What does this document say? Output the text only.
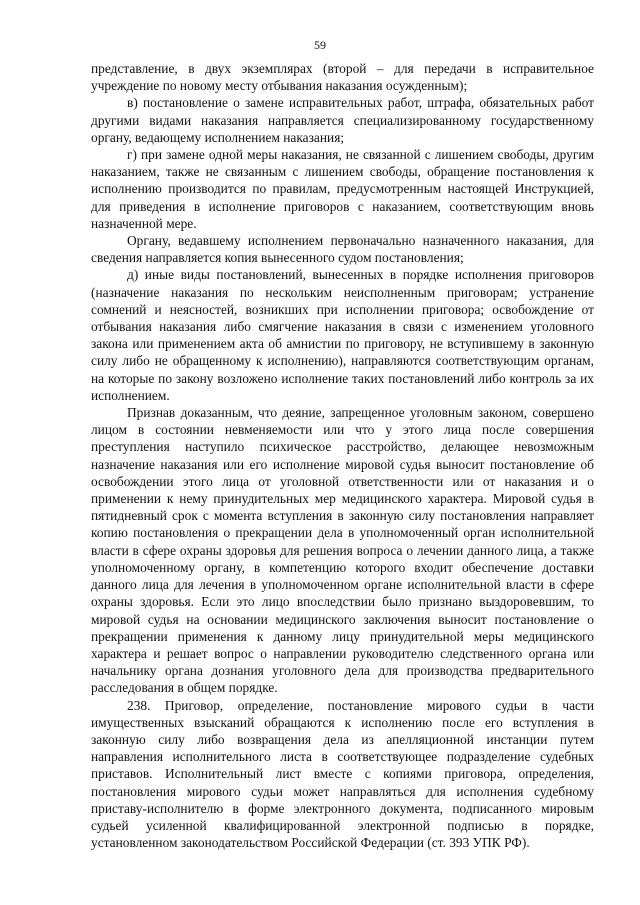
59

представление, в двух экземплярах (второй – для передачи в исправительное учреждение по новому месту отбывания наказания осужденным);

в) постановление о замене исправительных работ, штрафа, обязательных работ другими видами наказания направляется специализированному государственному органу, ведающему исполнением наказания;

г) при замене одной меры наказания, не связанной с лишением свободы, другим наказанием, также не связанным с лишением свободы, обращение постановления к исполнению производится по правилам, предусмотренным настоящей Инструкцией, для приведения в исполнение приговоров с наказанием, соответствующим вновь назначенной мере.

Органу, ведавшему исполнением первоначально назначенного наказания, для сведения направляется копия вынесенного судом постановления;

д) иные виды постановлений, вынесенных в порядке исполнения приговоров (назначение наказания по нескольким неисполненным приговорам; устранение сомнений и неясностей, возникших при исполнении приговора; освобождение от отбывания наказания либо смягчение наказания в связи с изменением уголовного закона или применением акта об амнистии по приговору, не вступившему в законную силу либо не обращенному к исполнению), направляются соответствующим органам, на которые по закону возложено исполнение таких постановлений либо контроль за их исполнением.

Признав доказанным, что деяние, запрещенное уголовным законом, совершено лицом в состоянии невменяемости или что у этого лица после совершения преступления наступило психическое расстройство, делающее невозможным назначение наказания или его исполнение мировой судья выносит постановление об освобождении этого лица от уголовной ответственности или от наказания и о применении к нему принудительных мер медицинского характера. Мировой судья в пятидневный срок с момента вступления в законную силу постановления направляет копию постановления о прекращении дела в уполномоченный орган исполнительной власти в сфере охраны здоровья для решения вопроса о лечении данного лица, а также уполномоченному органу, в компетенцию которого входит обеспечение доставки данного лица для лечения в уполномоченном органе исполнительной власти в сфере охраны здоровья. Если это лицо впоследствии было признано выздоровевшим, то мировой судья на основании медицинского заключения выносит постановление о прекращении применения к данному лицу принудительной меры медицинского характера и решает вопрос о направлении руководителю следственного органа или начальнику органа дознания уголовного дела для производства предварительного расследования в общем порядке.

238. Приговор, определение, постановление мирового судьи в части имущественных взысканий обращаются к исполнению после его вступления в законную силу либо возвращения дела из апелляционной инстанции путем направления исполнительного листа в соответствующее подразделение судебных приставов. Исполнительный лист вместе с копиями приговора, определения, постановления мирового судьи может направляться для исполнения судебному приставу-исполнителю в форме электронного документа, подписанного мировым судьей усиленной квалифицированной электронной подписью в порядке, установленном законодательством Российской Федерации (ст. 393 УПК РФ).
